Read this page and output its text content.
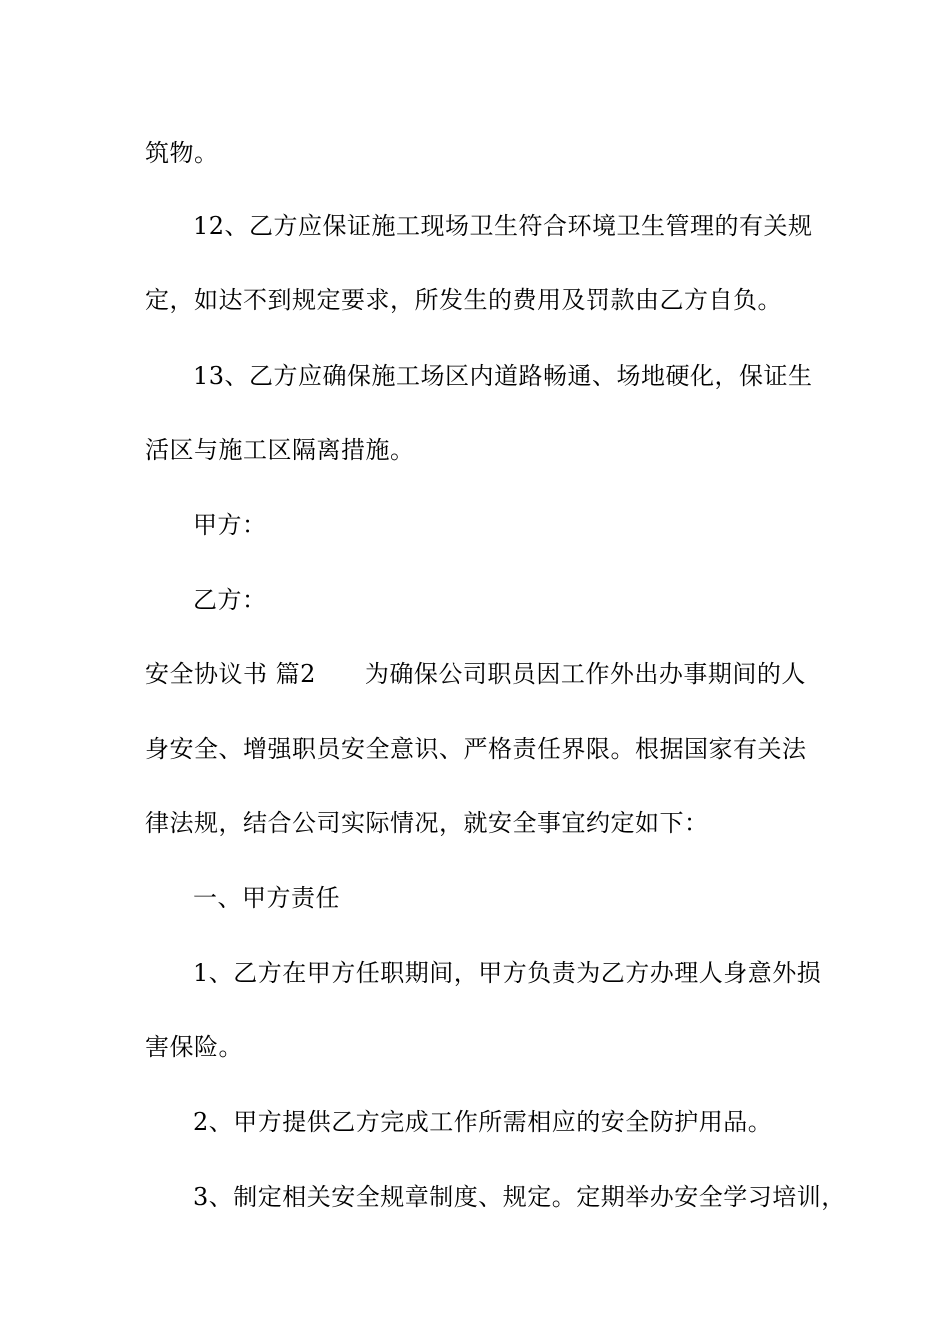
筑物。
12、乙方应保证施工现场卫生符合环境卫生管理的有关规
定，如达不到规定要求，所发生的费用及罚款由乙方自负。
13、乙方应确保施工场区内道路畅通、场地硬化，保证生
活区与施工区隔离措施。
甲方：
乙方：
安全协议书 篇2　　为确保公司职员因工作外出办事期间的人
身安全、增强职员安全意识、严格责任界限。根据国家有关法
律法规，结合公司实际情况，就安全事宜约定如下：
一、甲方责任
1、乙方在甲方任职期间，甲方负责为乙方办理人身意外损
害保险。
2、甲方提供乙方完成工作所需相应的安全防护用品。
3、制定相关安全规章制度、规定。定期举办安全学习培训，
